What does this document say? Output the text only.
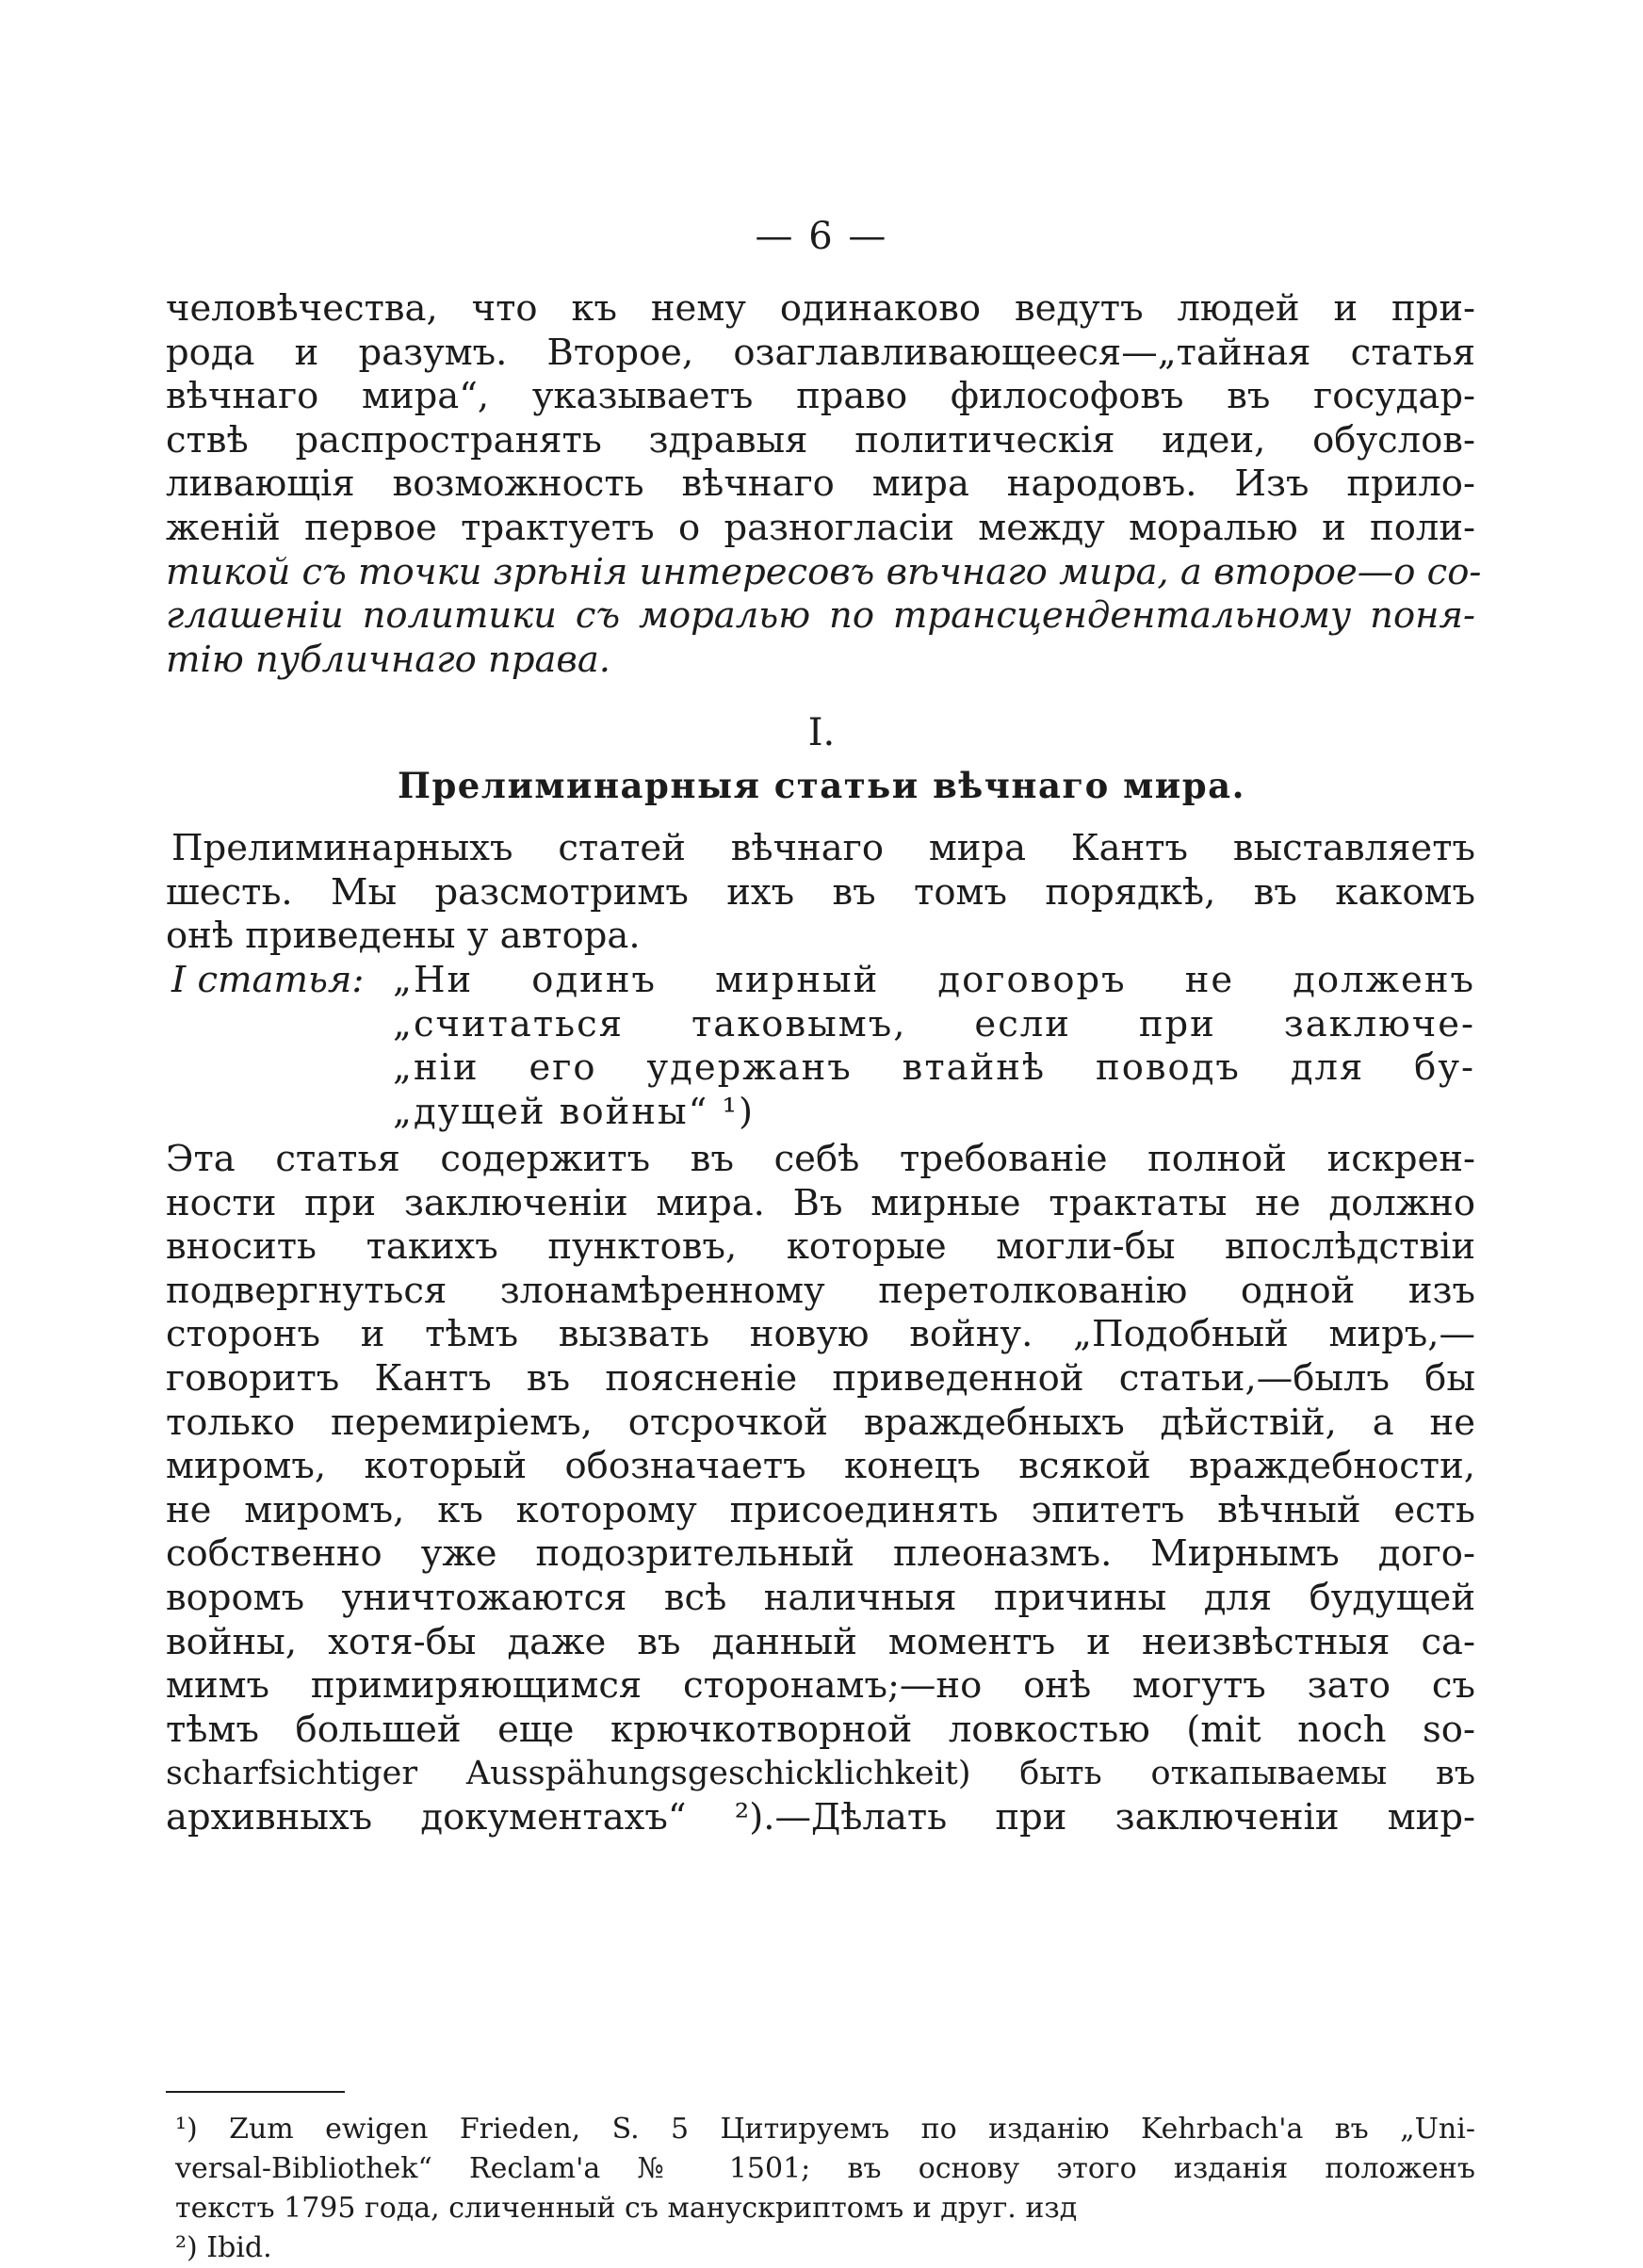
— 6 —
человѣчества, что къ нему одинаково ведутъ людей и при-
рода и разумъ. Второе, озаглавливающееся—„тайная статья
вѣчнаго мира“, указываетъ право философовъ въ государ-
ствѣ распространять здравыя политическія идеи, обуслов-
ливающія возможность вѣчнаго мира народовъ. Изъ прило-
женій первое трактуетъ о разногласіи между моралью и поли-
тикой съ точки зрѣнія интересовъ вѣчнаго мира, а второе—о со-
глашеніи политики съ моралью по трансцендентальному поня-
тію публичнаго права.
I.
Прелиминарныя статьи вѣчнаго мира.
Прелиминарныхъ статей вѣчнаго мира Кантъ выставляетъ
шесть. Мы разсмотримъ ихъ въ томъ порядкѣ, въ какомъ
онѣ приведены у автора.
I статья: „Ни одинъ мирный договоръ не долженъ
„считаться таковымъ, если при заключе-
„ніи его удержанъ втайнѣ поводъ для бу-
„дущей войны“ ¹)
Эта статья содержитъ въ себѣ требованіе полной искрен-
ности при заключеніи мира. Въ мирные трактаты не должно
вносить такихъ пунктовъ, которые могли-бы впослѣдствіи
подвергнуться злонамѣренному перетолкованію одной изъ
сторонъ и тѣмъ вызвать новую войну. „Подобный миръ,—
говоритъ Кантъ въ поясненіе приведенной статьи,—былъ бы
только перемиріемъ, отсрочкой враждебныхъ дѣйствій, а не
миромъ, который обозначаетъ конецъ всякой враждебности,
не миромъ, къ которому присоединять эпитетъ вѣчный есть
собственно уже подозрительный плеоназмъ. Мирнымъ дого-
воромъ уничтожаются всѣ наличныя причины для будущей
войны, хотя-бы даже въ данный моментъ и неизвѣстныя са-
мимъ примиряющимся сторонамъ;—но онѣ могутъ зато съ
тѣмъ большей еще крючкотворной ловкостью (mit noch so-
scharfsichtiger Ausspähungsgeschicklichkeit) быть откапываемы въ
архивныхъ документахъ“ ²).—Дѣлать при заключеніи мир-
¹) Zum ewigen Frieden, S. 5 Цитируемъ по изданію Kehrbach'a въ „Uni-
versal-Bibliothek“ Reclam'a № 1501; въ основу этого изданія положенъ
текстъ 1795 года, сличенный съ манускриптомъ и друг. изд
²) Ibid.
